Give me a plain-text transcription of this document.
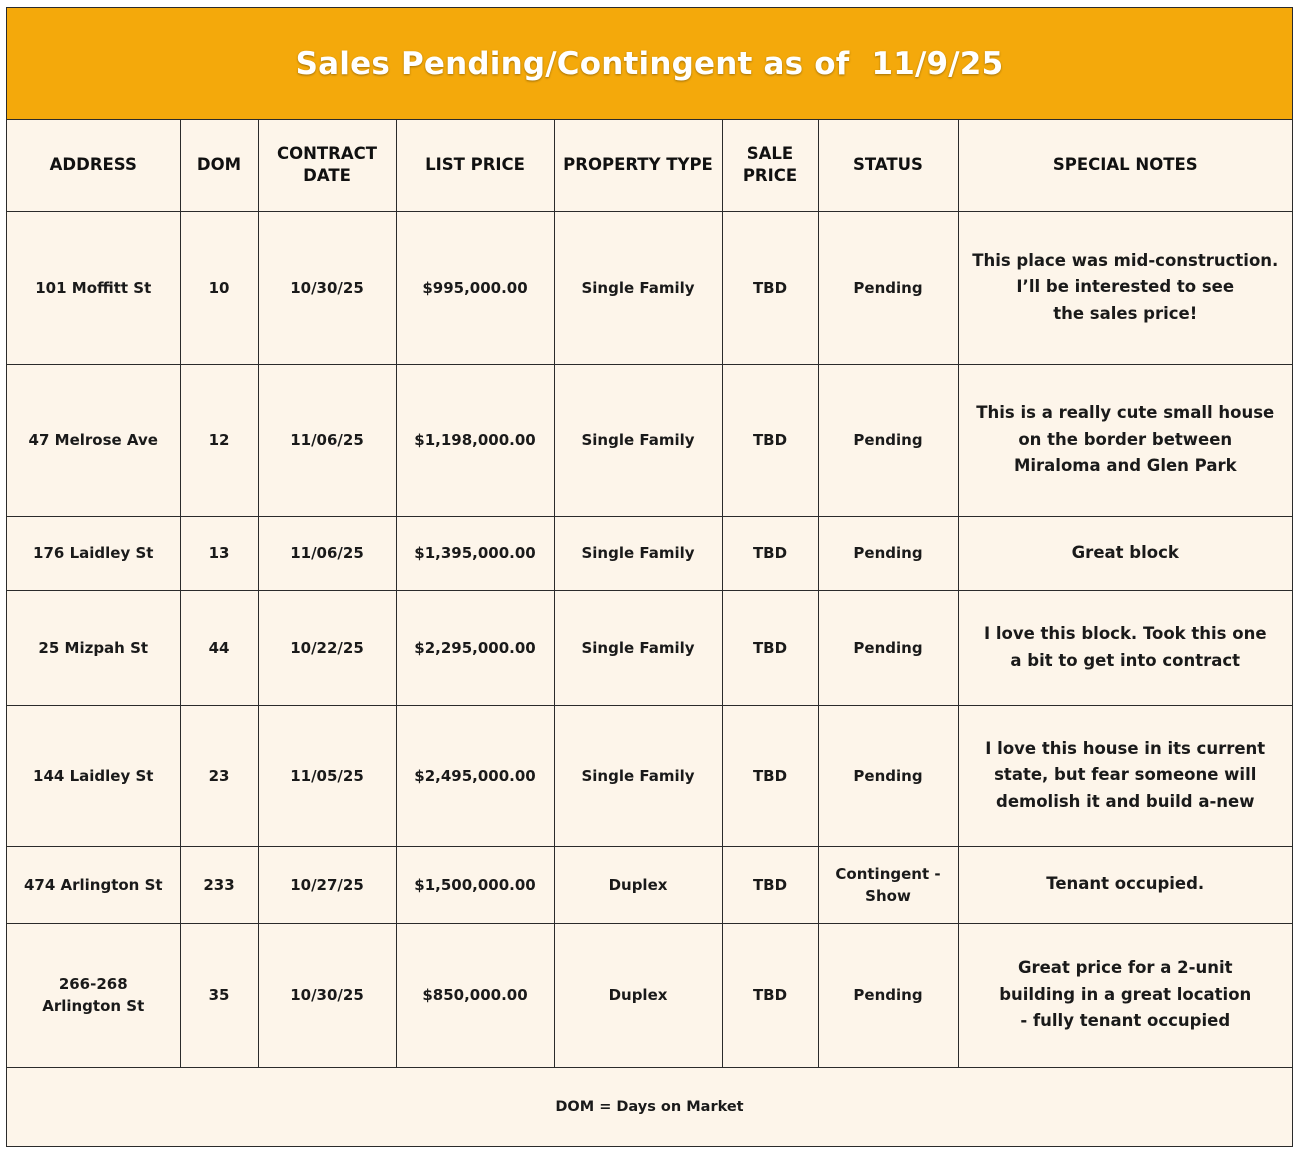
Sales Pending/Contingent as of  11/9/25
ADDRESS	DOM	CONTRACT
DATE	LIST PRICE	PROPERTY TYPE	SALE
PRICE	STATUS	SPECIAL NOTES

101 Moffitt St	10	10/30/25	$995,000.00	Single Family	TBD	Pending	This place was mid-construction.
I’ll be interested to see
the sales price!

47 Melrose Ave	12	11/06/25	$1,198,000.00	Single Family	TBD	Pending	This is a really cute small house
on the border between
Miraloma and Glen Park

176 Laidley St	13	11/06/25	$1,395,000.00	Single Family	TBD	Pending	Great block

25 Mizpah St	44	10/22/25	$2,295,000.00	Single Family	TBD	Pending	I love this block. Took this one
a bit to get into contract

144 Laidley St	23	11/05/25	$2,495,000.00	Single Family	TBD	Pending	I love this house in its current
state, but fear someone will
demolish it and build a-new

474 Arlington St	233	10/27/25	$1,500,000.00	Duplex	TBD	Contingent -
Show	Tenant occupied.

266-268
Arlington St	35	10/30/25	$850,000.00	Duplex	TBD	Pending	Great price for a 2-unit
building in a great location
- fully tenant occupied
DOM = Days on Market
